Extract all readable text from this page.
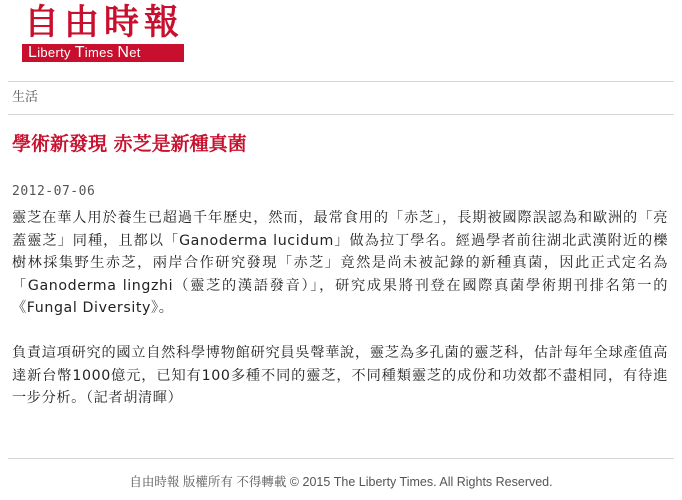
自由時報
Liberty Times Net
生活
學術新發現 赤芝是新種真菌
2012-07-06

靈芝在華人用於養生已超過千年歷史，然而，最常食用的「赤芝」，長期被國際誤認為和歐洲的「亮蓋靈芝」同種，且都以「Ganoderma lucidum」做為拉丁學名。經過學者前往湖北武漢附近的櫟樹林採集野生赤芝，兩岸合作研究發現「赤芝」竟然是尚未被記錄的新種真菌，因此正式定名為「Ganoderma lingzhi（靈芝的漢語發音）」，研究成果將刊登在國際真菌學術期刊排名第一的《Fungal Diversity》。

負責這項研究的國立自然科學博物館研究員吳聲華說，靈芝為多孔菌的靈芝科，估計每年全球產值高達新台幣1000億元，已知有100多種不同的靈芝，不同種類靈芝的成份和功效都不盡相同，有待進一步分析。（記者胡清暉）

自由時報 版權所有 不得轉載 © 2015 The Liberty Times. All Rights Reserved.
